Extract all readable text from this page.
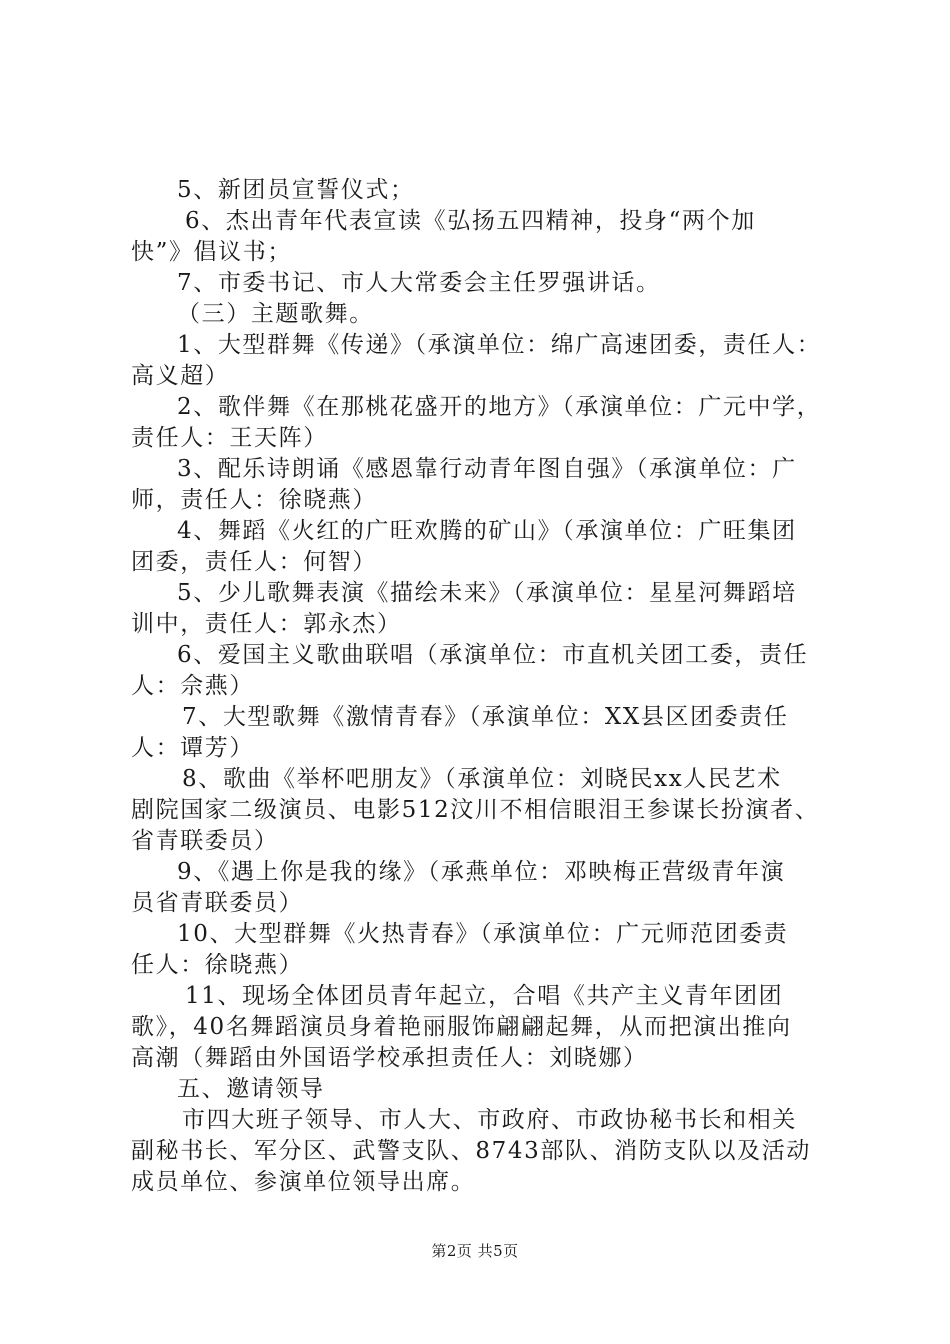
5、新团员宣誓仪式；
6、杰出青年代表宣读《弘扬五四精神，投身“两个加
快”》倡议书；
7、市委书记、市人大常委会主任罗强讲话。
（三）主题歌舞。
1、大型群舞《传递》（承演单位：绵广高速团委，责任人：
高义超）
2、歌伴舞《在那桃花盛开的地方》（承演单位：广元中学，
责任人：王天阵）
3、配乐诗朗诵《感恩靠行动青年图自强》（承演单位：广
师，责任人：徐晓燕）
4、舞蹈《火红的广旺欢腾的矿山》（承演单位：广旺集团
团委，责任人：何智）
5、少儿歌舞表演《描绘未来》（承演单位：星星河舞蹈培
训中，责任人：郭永杰）
6、爱国主义歌曲联唱（承演单位：市直机关团工委，责任
人：佘燕）
7、大型歌舞《激情青春》（承演单位：XX县区团委责任
人：谭芳）
8、歌曲《举杯吧朋友》（承演单位：刘晓民xx人民艺术
剧院国家二级演员、电影512汶川不相信眼泪王参谋长扮演者、
省青联委员）
9、《遇上你是我的缘》（承燕单位：邓映梅正营级青年演
员省青联委员）
10、大型群舞《火热青春》（承演单位：广元师范团委责
任人：徐晓燕）
11、现场全体团员青年起立，合唱《共产主义青年团团
歌》，40名舞蹈演员身着艳丽服饰翩翩起舞，从而把演出推向
高潮（舞蹈由外国语学校承担责任人：刘晓娜）
五、邀请领导
市四大班子领导、市人大、市政府、市政协秘书长和相关
副秘书长、军分区、武警支队、8743部队、消防支队以及活动
成员单位、参演单位领导出席。
第2页 共5页
